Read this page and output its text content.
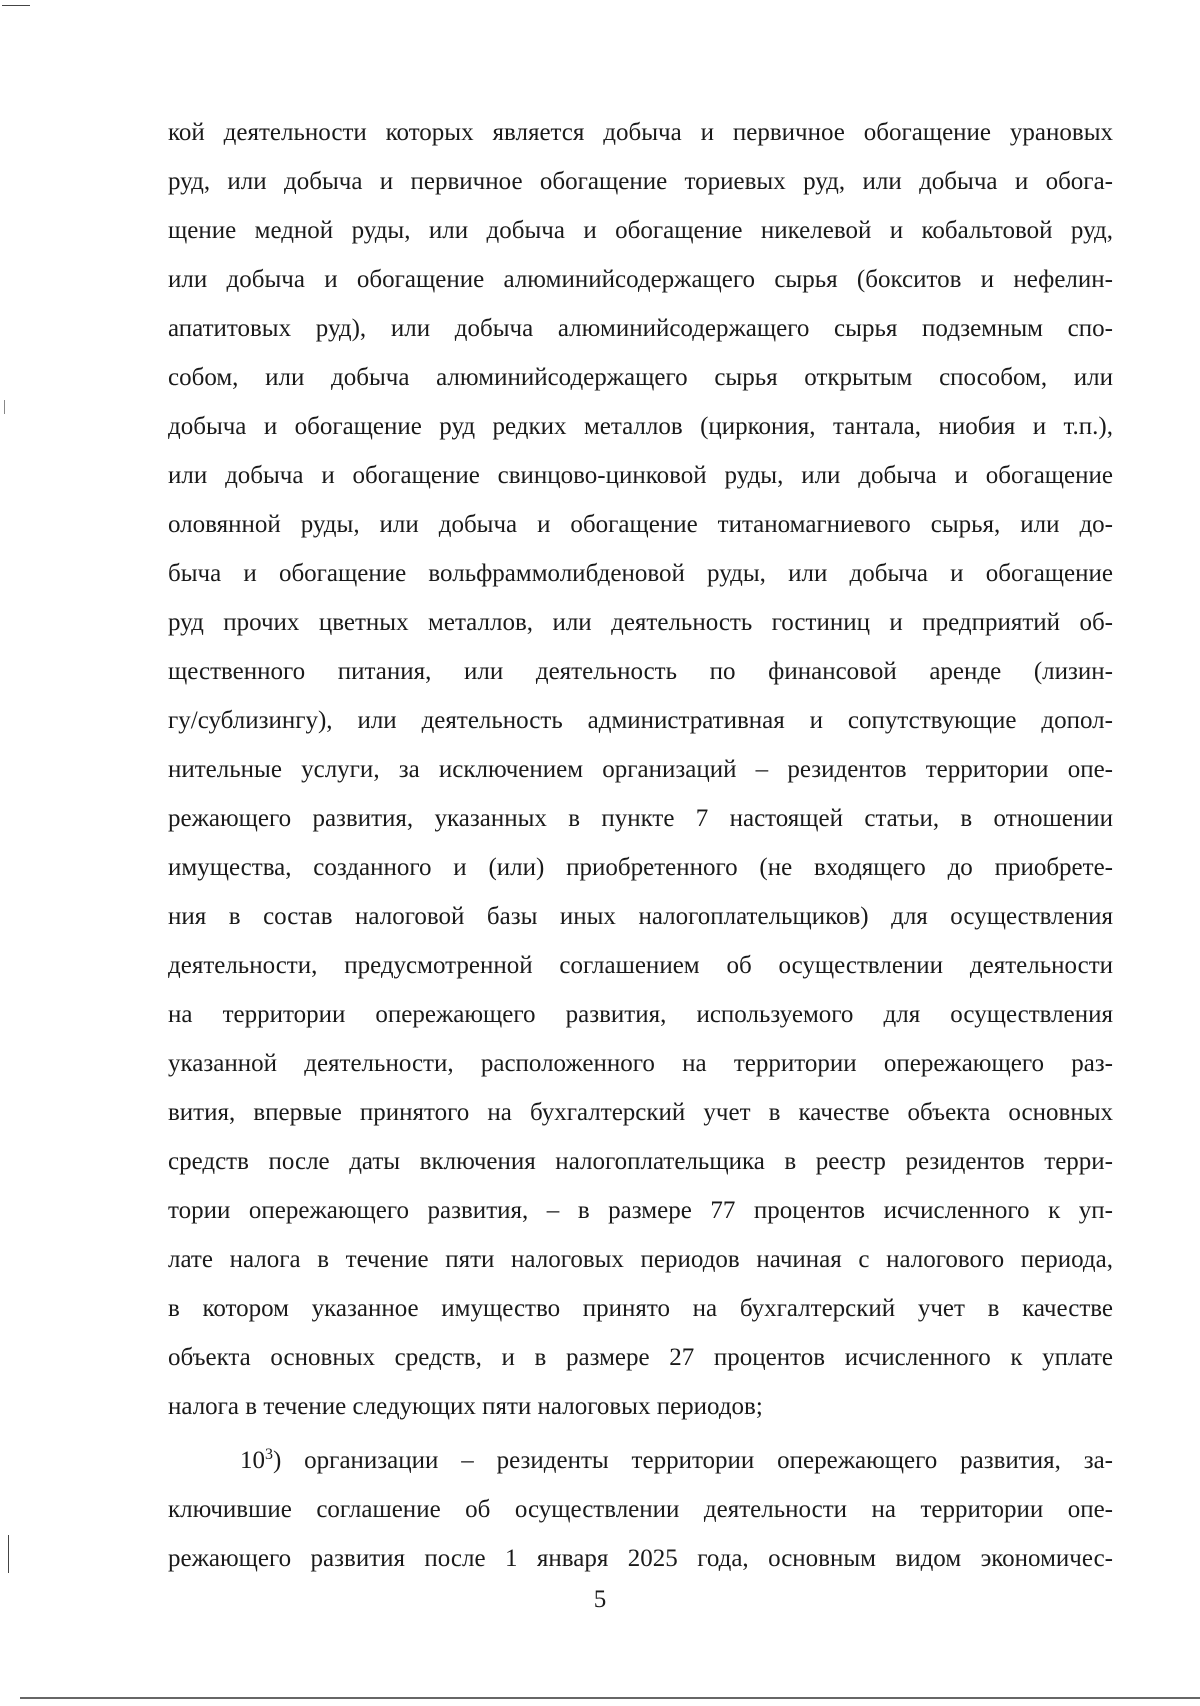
кой деятельности которых является добыча и первичное обогащение урановых
руд, или добыча и первичное обогащение ториевых руд, или добыча и обога-
щение медной руды, или добыча и обогащение никелевой и кобальтовой руд,
или добыча и обогащение алюминийсодержащего сырья (бокситов и нефелин-
апатитовых руд), или добыча алюминийсодержащего сырья подземным спо-
собом, или добыча алюминийсодержащего сырья открытым способом, или
добыча и обогащение руд редких металлов (циркония, тантала, ниобия и т.п.),
или добыча и обогащение свинцово-цинковой руды, или добыча и обогащение
оловянной руды, или добыча и обогащение титаномагниевого сырья, или до-
быча и обогащение вольфраммолибденовой руды, или добыча и обогащение
руд прочих цветных металлов, или деятельность гостиниц и предприятий об-
щественного питания, или деятельность по финансовой аренде (лизин-
гу/сублизингу), или деятельность административная и сопутствующие допол-
нительные услуги, за исключением организаций – резидентов территории опе-
режающего развития, указанных в пункте 7 настоящей статьи, в отношении
имущества, созданного и (или) приобретенного (не входящего до приобрете-
ния в состав налоговой базы иных налогоплательщиков) для осуществления
деятельности, предусмотренной соглашением об осуществлении деятельности
на территории опережающего развития, используемого для осуществления
указанной деятельности, расположенного на территории опережающего раз-
вития, впервые принятого на бухгалтерский учет в качестве объекта основных
средств после даты включения налогоплательщика в реестр резидентов терри-
тории опережающего развития, – в размере 77 процентов исчисленного к уп-
лате налога в течение пяти налоговых периодов начиная с налогового периода,
в котором указанное имущество принято на бухгалтерский учет в качестве
объекта основных средств, и в размере 27 процентов исчисленного к уплате
налога в течение следующих пяти налоговых периодов;
$10^3$) организации – резиденты территории опережающего развития, за-
ключившие соглашение об осуществлении деятельности на территории опе-
режающего развития после 1 января 2025 года, основным видом экономичес-
5
